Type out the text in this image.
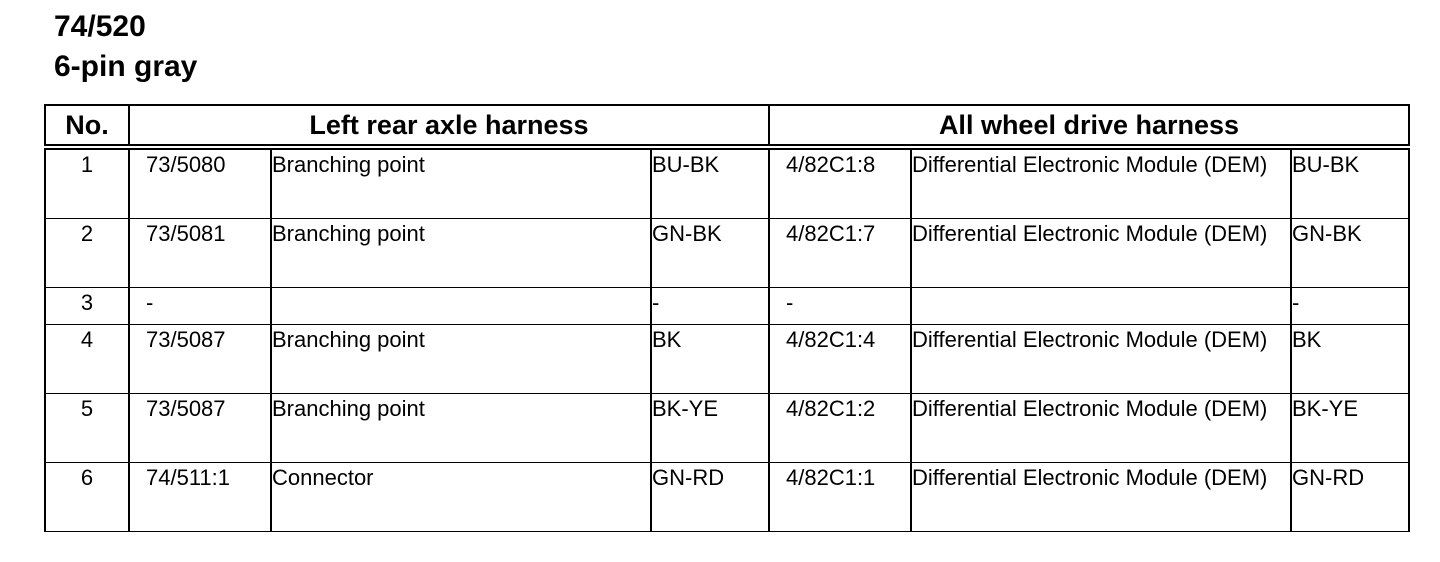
74/520
6-pin gray
No.	Left rear axle harness			All wheel drive harness		
1	73/5080	Branching point	BU-BK	4/82C1:8	Differential Electronic Module (DEM)	BU-BK
2	73/5081	Branching point	GN-BK	4/82C1:7	Differential Electronic Module (DEM)	GN-BK
3	-		-	-		-
4	73/5087	Branching point	BK	4/82C1:4	Differential Electronic Module (DEM)	BK
5	73/5087	Branching point	BK-YE	4/82C1:2	Differential Electronic Module (DEM)	BK-YE
6	74/511:1	Connector	GN-RD	4/82C1:1	Differential Electronic Module (DEM)	GN-RD
